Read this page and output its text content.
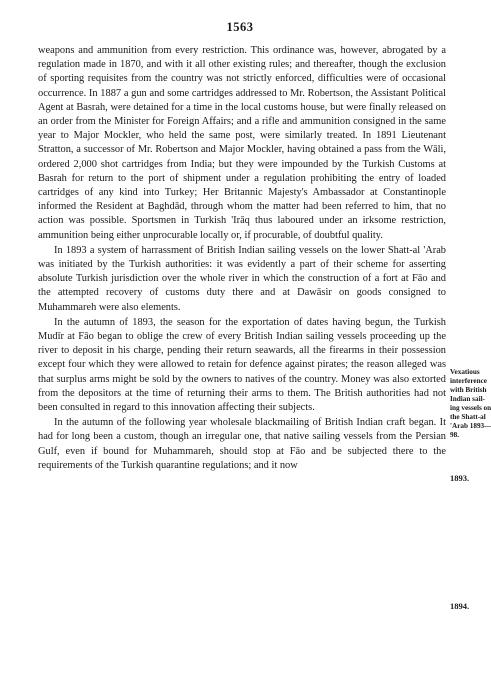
1563

weapons and ammunition from every restriction. This ordinance was, however, abrogated by a regulation made in 1870, and with it all other existing rules; and thereafter, though the exclusion of sporting requisites from the country was not strictly enforced, difficulties were of occasional occurrence. In 1887 a gun and some cartridges addressed to Mr. Robertson, the Assistant Political Agent at Basrah, were detained for a time in the local customs house, but were finally released on an order from the Minister for Foreign Affairs; and a rifle and ammunition consigned in the same year to Major Mockler, who held the same post, were similarly treated. In 1891 Lieutenant Stratton, a successor of Mr. Robertson and Major Mockler, having obtained a pass from the Wāli, ordered 2,000 shot cartridges from India; but they were impounded by the Turkish Customs at Basrah for return to the port of shipment under a regulation prohibiting the entry of loaded cartridges of any kind into Turkey; Her Britannic Majesty's Ambassador at Constantinople informed the Resident at Baghdād, through whom the matter had been referred to him, that no action was possible. Sportsmen in Turkish 'Irāq thus laboured under an irksome restriction, ammunition being either unprocurable locally or, if procurable, of doubtful quality.

In 1893 a system of harrassment of British Indian sailing vessels on the lower Shatt-al 'Arab was initiated by the Turkish authorities: it was evidently a part of their scheme for asserting absolute Turkish jurisdiction over the whole river in which the construction of a fort at Fāo and the attempted recovery of customs duty there and at Dawāsir on goods consigned to Muhammareh were also elements.

In the autumn of 1893, the season for the exportation of dates having begun, the Turkish Mudīr at Fāo began to oblige the crew of every British Indian sailing vessels proceeding up the river to deposit in his charge, pending their return seawards, all the firearms in their possession except four which they were allowed to retain for defence against pirates; the reason alleged was that surplus arms might be sold by the owners to natives of the country. Money was also extorted from the depositors at the time of returning their arms to them. The British authorities had not been consulted in regard to this innovation affecting their subjects.

In the autumn of the following year wholesale blackmailing of British Indian craft began. It had for long been a custom, though an irregular one, that native sailing vessels from the Persian Gulf, even if bound for Muhammareh, should stop at Fāo and be subjected there to the requirements of the Turkish quarantine regulations; and it now

Vexatious
interference
with British
Indian sail-
ing vessels on
the Shatt-al
'Arab 1893—
98.
1893.
1894.
